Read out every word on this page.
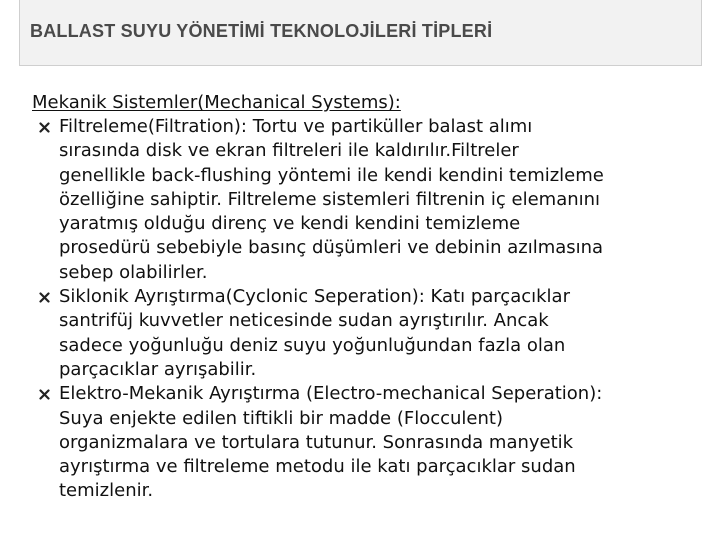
BALLAST SUYU YÖNETİMİ TEKNOLOJİLERİ TİPLERİ

Mekanik Sistemler(Mechanical Systems):

Filtreleme(Filtration): Tortu ve partiküller balast alımı
sırasında disk ve ekran filtreleri ile kaldırılır.Filtreler
genellikle back-flushing yöntemi ile kendi kendini temizleme
özelliğine sahiptir. Filtreleme sistemleri filtrenin iç elemanını
yaratmış olduğu direnç ve kendi kendini temizleme
prosedürü sebebiyle basınç düşümleri ve debinin azılmasına
sebep olabilirler.
Siklonik Ayrıştırma(Cyclonic Seperation): Katı parçacıklar
santrifüj kuvvetler neticesinde sudan ayrıştırılır. Ancak
sadece yoğunluğu deniz suyu yoğunluğundan fazla olan
parçacıklar ayrışabilir.
Elektro-Mekanik Ayrıştırma (Electro-mechanical Seperation):
Suya enjekte edilen tiftikli bir madde (Flocculent)
organizmalara ve tortulara tutunur. Sonrasında manyetik
ayrıştırma ve filtreleme metodu ile katı parçacıklar sudan
temizlenir.
